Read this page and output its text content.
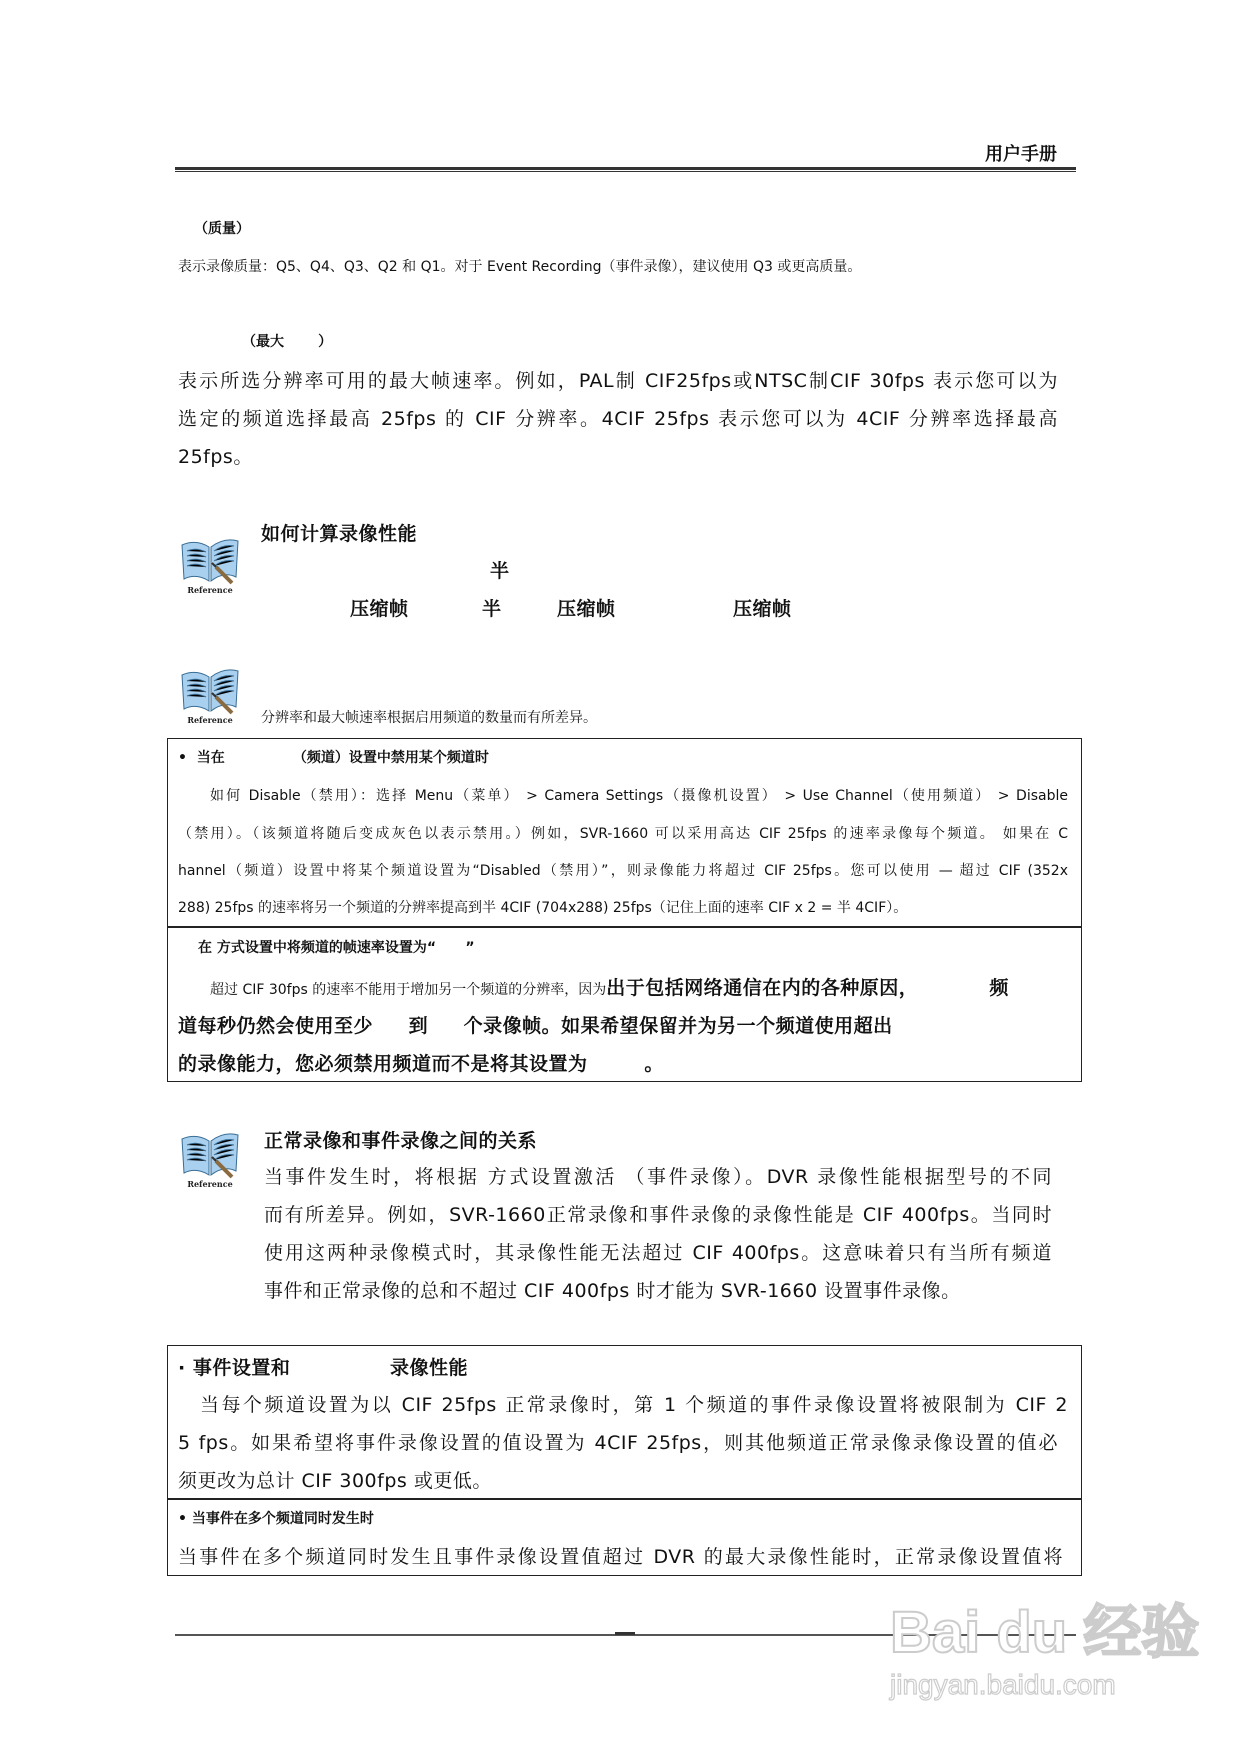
用户手册
（质量）
表示录像质量：Q5、Q4、Q3、Q2 和 Q1。对于 Event Recording（事件录像），建议使用 Q3 或更高质量。
（最大       ）
表示所选分辨率可用的最大帧速率。例如，PAL制 CIF25fps或NTSC制CIF 30fps 表示您可以为
选定的频道选择最高 25fps 的 CIF 分辨率。4CIF 25fps 表示您可以为 4CIF 分辨率选择最高
25fps。
Reference
如何计算录像性能
半
压缩帧	半	压缩帧	压缩帧
Reference	分辨率和最大帧速率根据启用频道的数量而有所差异。
•  当在              （频道）设置中禁用某个频道时
如何 Disable（禁用）：选择 Menu（菜单） > Camera Settings（摄像机设置） > Use Channel（使用频道） > Disable
（禁用）。（该频道将随后变成灰色以表示禁用。）例如，SVR-1660 可以采用高达 CIF 25fps 的速率录像每个频道。 如果在 C
hannel（频道）设置中将某个频道设置为“Disabled（禁用）”，则录像能力将超过 CIF 25fps。您可以使用 — 超过 CIF (352x
288) 25fps 的速率将另一个频道的分辨率提高到半 4CIF (704x288) 25fps（记住上面的速率 CIF x 2 = 半 4CIF）。
在 方式设置中将频道的帧速率设置为“      ”
超过 CIF 30fps 的速率不能用于增加另一个频道的分辨率，因为出于包括网络通信在内的各种原因，          频
道每秒仍然会使用至少     到     个录像帧。如果希望保留并为另一个频道使用超出
的录像能力，您必须禁用频道而不是将其设置为        。
Reference
正常录像和事件录像之间的关系
当事件发生时，将根据 方式设置激活 （事件录像）。DVR 录像性能根据型号的不同
而有所差异。例如，SVR-1660正常录像和事件录像的录像性能是 CIF 400fps。当同时
使用这两种录像模式时，其录像性能无法超过 CIF 400fps。这意味着只有当所有频道
事件和正常录像的总和不超过 CIF 400fps 时才能为 SVR-1660 设置事件录像。
· 事件设置和              录像性能
当每个频道设置为以 CIF 25fps 正常录像时，第 1 个频道的事件录像设置将被限制为 CIF 2
5 fps。如果希望将事件录像设置的值设置为 4CIF 25fps，则其他频道正常录像录像设置的值必
须更改为总计 CIF 300fps 或更低。
• 当事件在多个频道同时发生时
当事件在多个频道同时发生且事件录像设置值超过 DVR 的最大录像性能时，正常录像设置值将
Bai du 经验
jingyan.baidu.com
